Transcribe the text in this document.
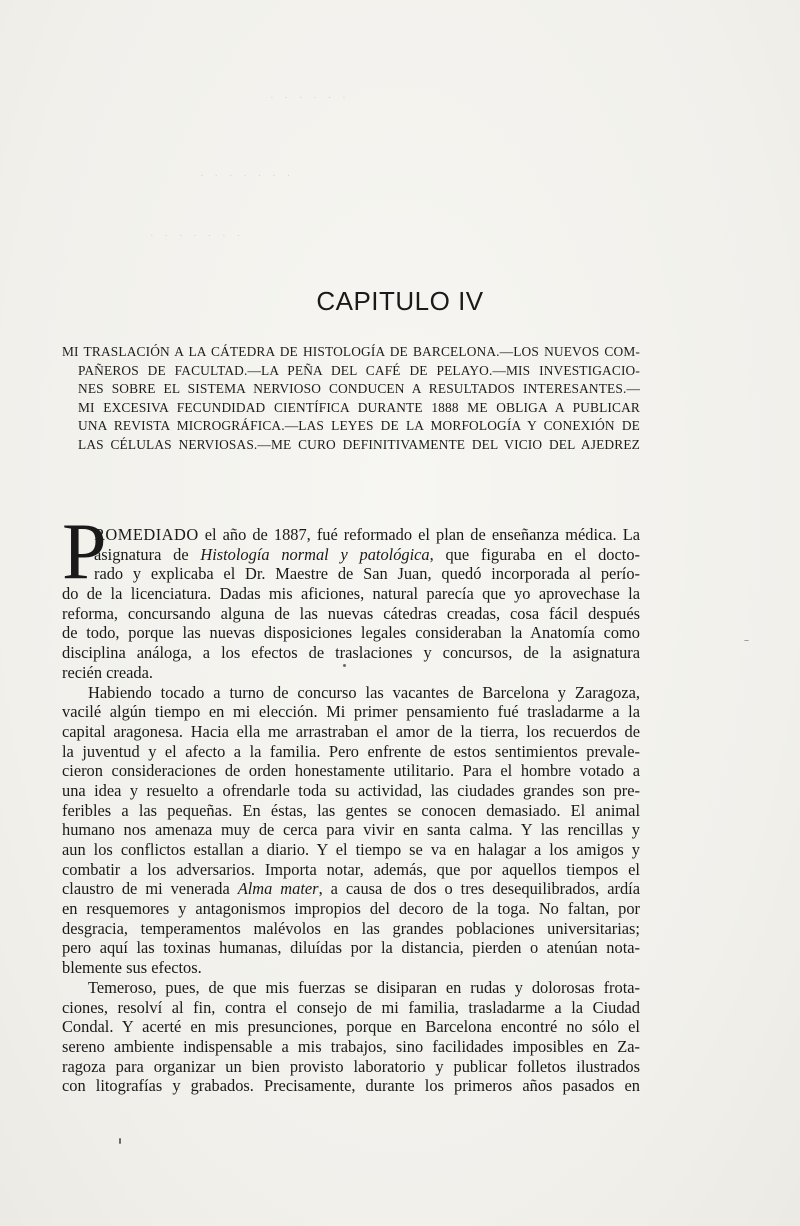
· · · · · ·
· · · · · · ·
· · · · · · ·
CAPITULO IV
MI TRASLACIÓN A LA CÁTEDRA DE HISTOLOGÍA DE BARCELONA.—LOS NUEVOS COM-
PAÑEROS DE FACULTAD.—LA PEÑA DEL CAFÉ DE PELAYO.—MIS INVESTIGACIO-
NES SOBRE EL SISTEMA NERVIOSO CONDUCEN A RESULTADOS INTERESANTES.—
MI EXCESIVA FECUNDIDAD CIENTÍFICA DURANTE 1888 ME OBLIGA A PUBLICAR
UNA REVISTA MICROGRÁFICA.—LAS LEYES DE LA MORFOLOGÍA Y CONEXIÓN DE
LAS CÉLULAS NERVIOSAS.—ME CURO DEFINITIVAMENTE DEL VICIO DEL AJEDREZ
P
ROMEDIADO el año de 1887, fué reformado el plan de enseñanza médica. La
asignatura de Histología normal y patológica, que figuraba en el docto-
rado y explicaba el Dr. Maestre de San Juan, quedó incorporada al perío-
do de la licenciatura. Dadas mis aficiones, natural parecía que yo aprovechase la
reforma, concursando alguna de las nuevas cátedras creadas, cosa fácil después
de todo, porque las nuevas disposiciones legales consideraban la Anatomía como
disciplina análoga, a los efectos de traslaciones y concursos, de la asignatura
recién creada.
Habiendo tocado a turno de concurso las vacantes de Barcelona y Zaragoza,
vacilé algún tiempo en mi elección. Mi primer pensamiento fué trasladarme a la
capital aragonesa. Hacia ella me arrastraban el amor de la tierra, los recuerdos de
la juventud y el afecto a la familia. Pero enfrente de estos sentimientos prevale-
cieron consideraciones de orden honestamente utilitario. Para el hombre votado a
una idea y resuelto a ofrendarle toda su actividad, las ciudades grandes son pre-
feribles a las pequeñas. En éstas, las gentes se conocen demasiado. El animal
humano nos amenaza muy de cerca para vivir en santa calma. Y las rencillas y
aun los conflictos estallan a diario. Y el tiempo se va en halagar a los amigos y
combatir a los adversarios. Importa notar, además, que por aquellos tiempos el
claustro de mi venerada Alma mater, a causa de dos o tres desequilibrados, ardía
en resquemores y antagonismos impropios del decoro de la toga. No faltan, por
desgracia, temperamentos malévolos en las grandes poblaciones universitarias;
pero aquí las toxinas humanas, diluídas por la distancia, pierden o atenúan nota-
blemente sus efectos.
Temeroso, pues, de que mis fuerzas se disiparan en rudas y dolorosas frota-
ciones, resolví al fin, contra el consejo de mi familia, trasladarme a la Ciudad
Condal. Y acerté en mis presunciones, porque en Barcelona encontré no sólo el
sereno ambiente indispensable a mis trabajos, sino facilidades imposibles en Za-
ragoza para organizar un bien provisto laboratorio y publicar folletos ilustrados
con litografías y grabados. Precisamente, durante los primeros años pasados en
